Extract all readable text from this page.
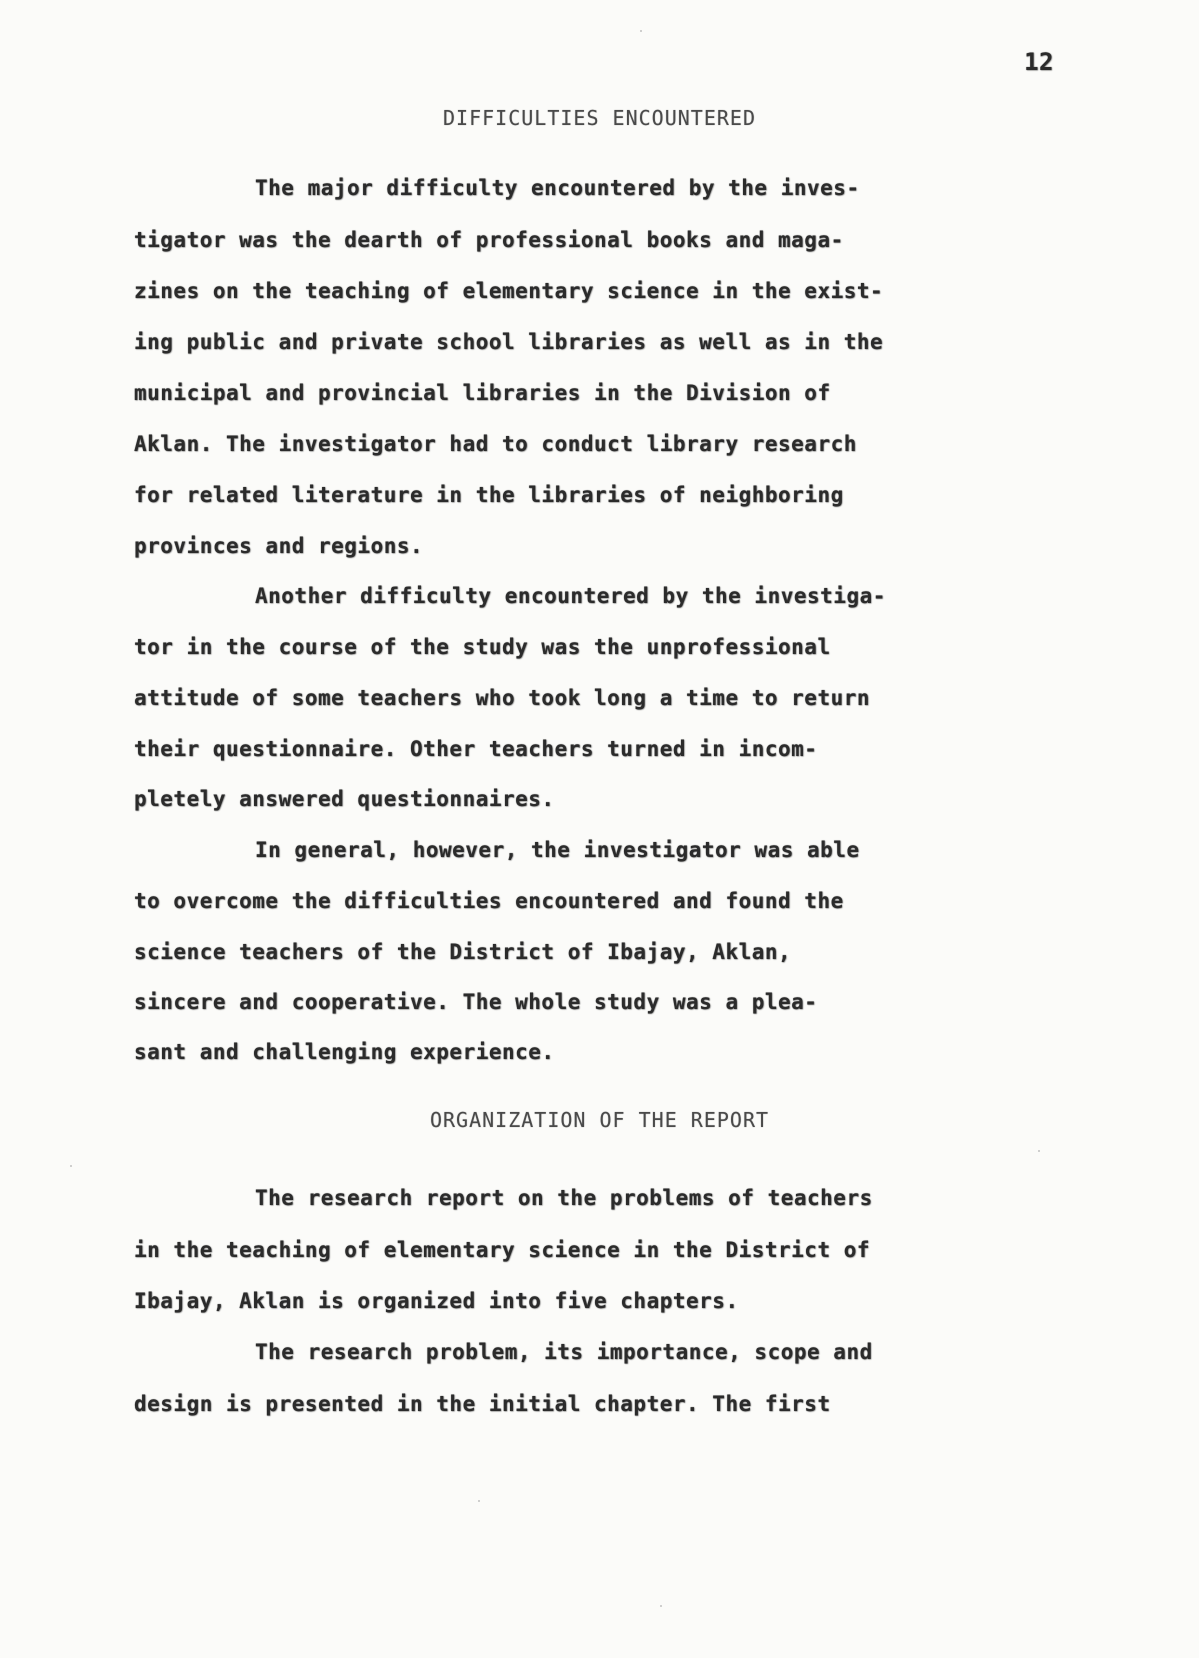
12
DIFFICULTIES ENCOUNTERED
The major difficulty encountered by the inves-
tigator was the dearth of professional books and maga-
zines on the teaching of elementary science in the exist-
ing public and private school libraries as well as in the
municipal and provincial libraries in the Division of
Aklan. The investigator had to conduct library research
for related literature in the libraries of neighboring
provinces and regions.
Another difficulty encountered by the investiga-
tor in the course of the study was the unprofessional
attitude of some teachers who took long a time to return
their questionnaire. Other teachers turned in incom-
pletely answered questionnaires.
In general, however, the investigator was able
to overcome the difficulties encountered and found the
science teachers of the District of Ibajay, Aklan,
sincere and cooperative. The whole study was a plea-
sant and challenging experience.
ORGANIZATION OF THE REPORT
The research report on the problems of teachers
in the teaching of elementary science in the District of
Ibajay, Aklan is organized into five chapters.
The research problem, its importance, scope and
design is presented in the initial chapter. The first
